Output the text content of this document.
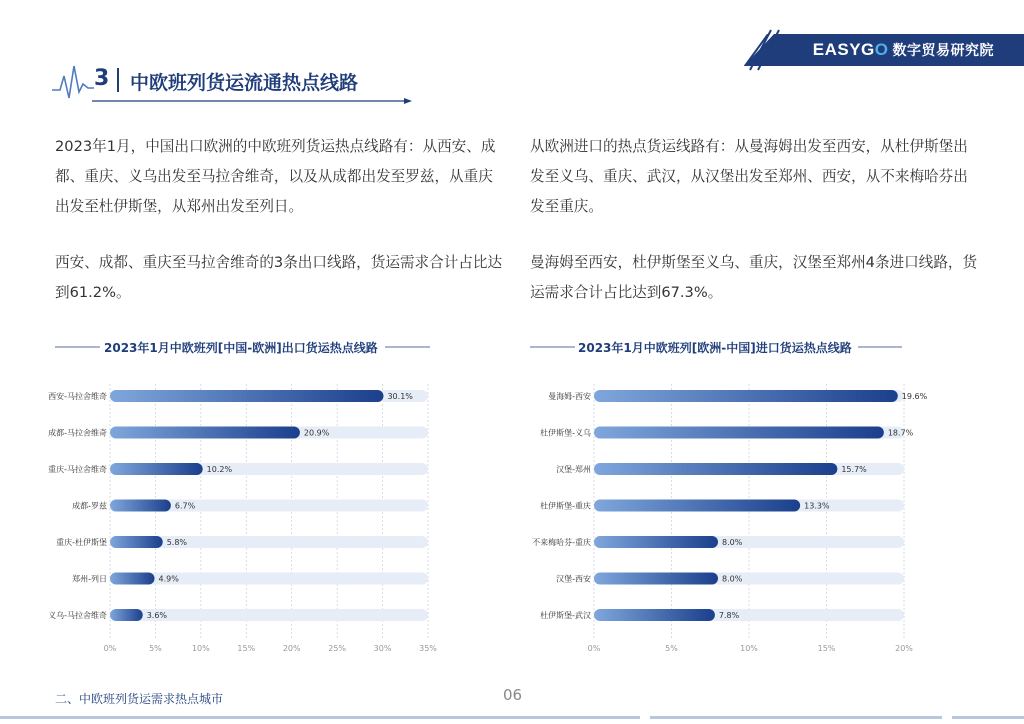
EASYGO 数字贸易研究院
3 中欧班列货运流通热点线路
2023年1月，中国出口欧洲的中欧班列货运热点线路有：从西安、成都、重庆、义乌出发至马拉舍维奇，以及从成都出发至罗兹，从重庆出发至杜伊斯堡，从郑州出发至列日。
西安、成都、重庆至马拉舍维奇的3条出口线路，货运需求合计占比达到61.2%。
从欧洲进口的热点货运线路有：从曼海姆出发至西安，从杜伊斯堡出发至义乌、重庆、武汉，从汉堡出发至郑州、西安，从不来梅哈芬出发至重庆。
曼海姆至西安，杜伊斯堡至义乌、重庆，汉堡至郑州4条进口线路，货运需求合计占比达到67.3%。
2023年1月中欧班列[中国-欧洲]出口货运热点线路	2023年1月中欧班列[欧洲-中国]进口货运热点线路
0%	5%	10%	15%	20%	25%	30%	35%
西安-马拉舍维奇	30.1%
成都-马拉舍维奇	20.9%
重庆-马拉舍维奇	10.2%
成都-罗兹	6.7%
重庆-杜伊斯堡	5.8%
郑州-列日	4.9%
义乌-马拉舍维奇	3.6%
0%	5%	10%	15%	20%
曼海姆-西安	19.6%
杜伊斯堡-义乌	18.7%
汉堡-郑州	15.7%
杜伊斯堡-重庆	13.3%
不来梅哈芬-重庆	8.0%
汉堡-西安	8.0%
杜伊斯堡-武汉	7.8%
二、中欧班列货运需求热点城市	06
